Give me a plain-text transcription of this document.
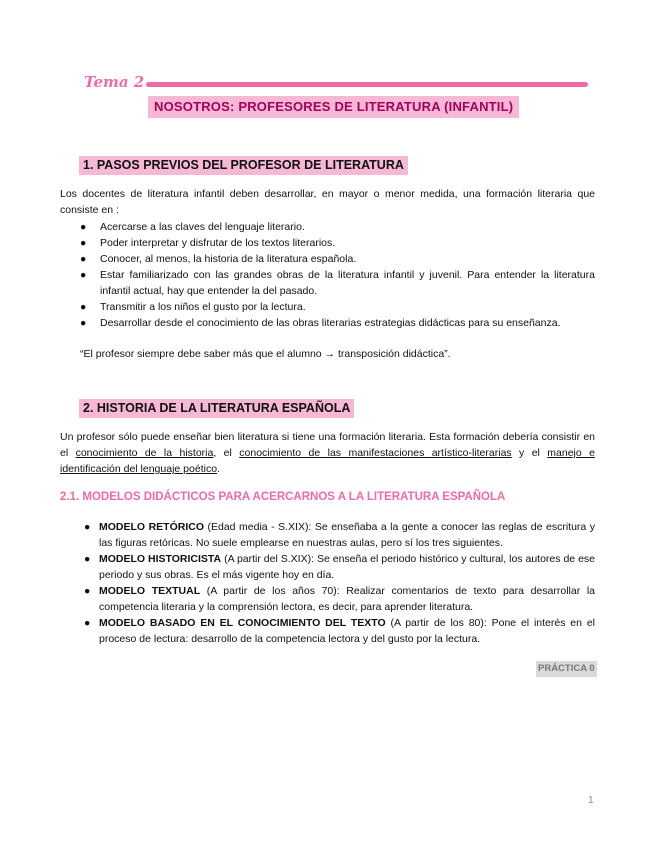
Tema 2
NOSOTROS: PROFESORES DE LITERATURA (INFANTIL)
1. PASOS PREVIOS DEL PROFESOR DE LITERATURA
Los docentes de literatura infantil deben desarrollar, en mayor o menor medida, una formación literaria que consiste en :
● Acercarse a las claves del lenguaje literario.
● Poder interpretar y disfrutar de los textos literarios.
● Conocer, al menos, la historia de la literatura española.
● Estar familiarizado con las grandes obras de la literatura infantil y juvenil. Para entender la literatura infantil actual, hay que entender la del pasado.
● Transmitir a los niños el gusto por la lectura.
● Desarrollar desde el conocimiento de las obras literarias estrategias didácticas para su enseñanza.
“El profesor siempre debe saber más que el alumno → transposición didáctica”.
2. HISTORIA DE LA LITERATURA ESPAÑOLA
Un profesor sólo puede enseñar bien literatura si tiene una formación literaria. Esta formación debería consistir en el conocimiento de la historia, el conocimiento de las manifestaciones artístico-literarias y el manejo e identificación del lenguaje poético.
2.1. MODELOS DIDÁCTICOS PARA ACERCARNOS A LA LITERATURA ESPAÑOLA
● MODELO RETÓRICO (Edad media - S.XIX): Se enseñaba a la gente a conocer las reglas de escritura y las figuras retóricas. No suele emplearse en nuestras aulas, pero sí los tres siguientes.
● MODELO HISTORICISTA (A partir del S.XIX): Se enseña el periodo histórico y cultural, los autores de ese periodo y sus obras. Es el más vigente hoy en día.
● MODELO TEXTUAL (A partir de los años 70): Realizar comentarios de texto para desarrollar la competencia literaria y la comprensión lectora, es decir, para aprender literatura.
● MODELO BASADO EN EL CONOCIMIENTO DEL TEXTO (A partir de los 80): Pone el interés en el proceso de lectura: desarrollo de la competencia lectora y del gusto por la lectura.
PRÁCTICA 0
1
